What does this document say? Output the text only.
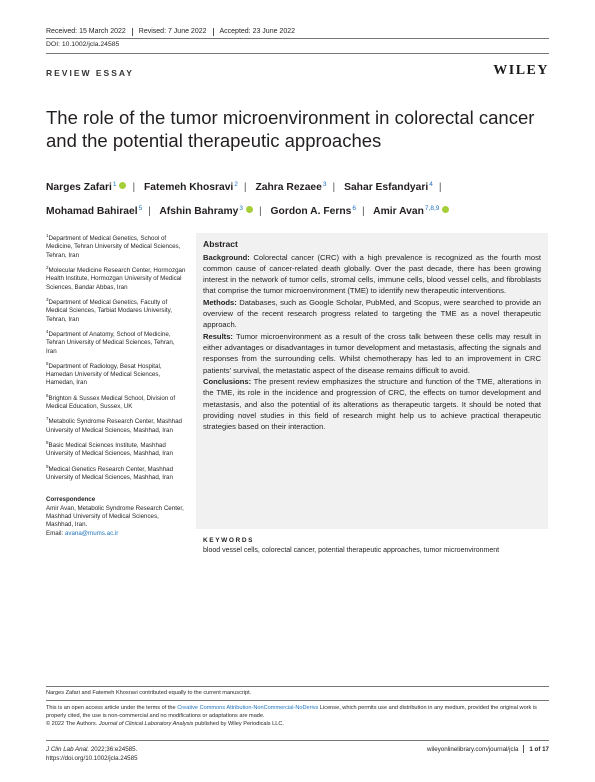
Received: 15 March 2022 Revised: 7 June 2022 Accepted: 23 June 2022
DOI: 10.1002/jcla.24585
REVIEW ESSAY	WILEY
The role of the tumor microenvironment in colorectal cancer and the potential therapeutic approaches
Narges Zafari$^1$ | Fatemeh Khosravi$^2$ | Zahra Rezaee$^3$ | Sahar Esfandyari$^4$ |
Mohamad Bahirael$^5$ | Afshin Bahramy$^3$ | Gordon A. Ferns$^6$ | Amir Avan$^{7,8,9}$
$^1$Department of Medical Genetics, School of Medicine, Tehran University of Medical Sciences, Tehran, Iran
$^2$Molecular Medicine Research Center, Hormozgan Health Institute, Hormozgan University of Medical Sciences, Bandar Abbas, Iran
$^3$Department of Medical Genetics, Faculty of Medical Sciences, Tarbiat Modares University, Tehran, Iran
$^4$Department of Anatomy, School of Medicine, Tehran University of Medical Sciences, Tehran, Iran
$^5$Department of Radiology, Besat Hospital, Hamedan University of Medical Sciences, Hamedan, Iran
$^6$Brighton & Sussex Medical School, Division of Medical Education, Sussex, UK
$^7$Metabolic Syndrome Research Center, Mashhad University of Medical Sciences, Mashhad, Iran
$^8$Basic Medical Sciences Institute, Mashhad University of Medical Sciences, Mashhad, Iran
$^9$Medical Genetics Research Center, Mashhad University of Medical Sciences, Mashhad, Iran
Correspondence
Amir Avan, Metabolic Syndrome Research Center, Mashhad University of Medical Sciences, Mashhad, Iran.
Email: avana@mums.ac.ir
Abstract

Background: Colorectal cancer (CRC) with a high prevalence is recognized as the fourth most common cause of cancer-related death globally. Over the past decade, there has been growing interest in the network of tumor cells, stromal cells, immune cells, blood vessel cells, and fibroblasts that comprise the tumor microenvironment (TME) to identify new therapeutic interventions.

Methods: Databases, such as Google Scholar, PubMed, and Scopus, were searched to provide an overview of the recent research progress related to targeting the TME as a novel therapeutic approach.

Results: Tumor microenvironment as a result of the cross talk between these cells may result in either advantages or disadvantages in tumor development and metastasis, affecting the signals and responses from the surrounding cells. Whilst chemotherapy has led to an improvement in CRC patients' survival, the metastatic aspect of the disease remains difficult to avoid.

Conclusions: The present review emphasizes the structure and function of the TME, alterations in the TME, its role in the incidence and progression of CRC, the effects on tumor development and metastasis, and also the potential of its alterations as therapeutic targets. It should be noted that providing novel studies in this field of research might help us to achieve practical therapeutic strategies based on their interaction.

KEYWORDS
blood vessel cells, colorectal cancer, potential therapeutic approaches, tumor microenvironment
Narges Zafari and Fatemeh Khosravi contributed equally to the current manuscript.
This is an open access article under the terms of the Creative Commons Attribution-NonCommercial-NoDerivs License, which permits use and distribution in any medium, provided the original work is properly cited, the use is non-commercial and no modifications or adaptations are made.
© 2022 The Authors. Journal of Clinical Laboratory Analysis published by Wiley Periodicals LLC.
J Clin Lab Anal. 2022;36:e24585.
https://doi.org/10.1002/jcla.24585
wileyonlinelibrary.com/journal/jcla 1 of 17
